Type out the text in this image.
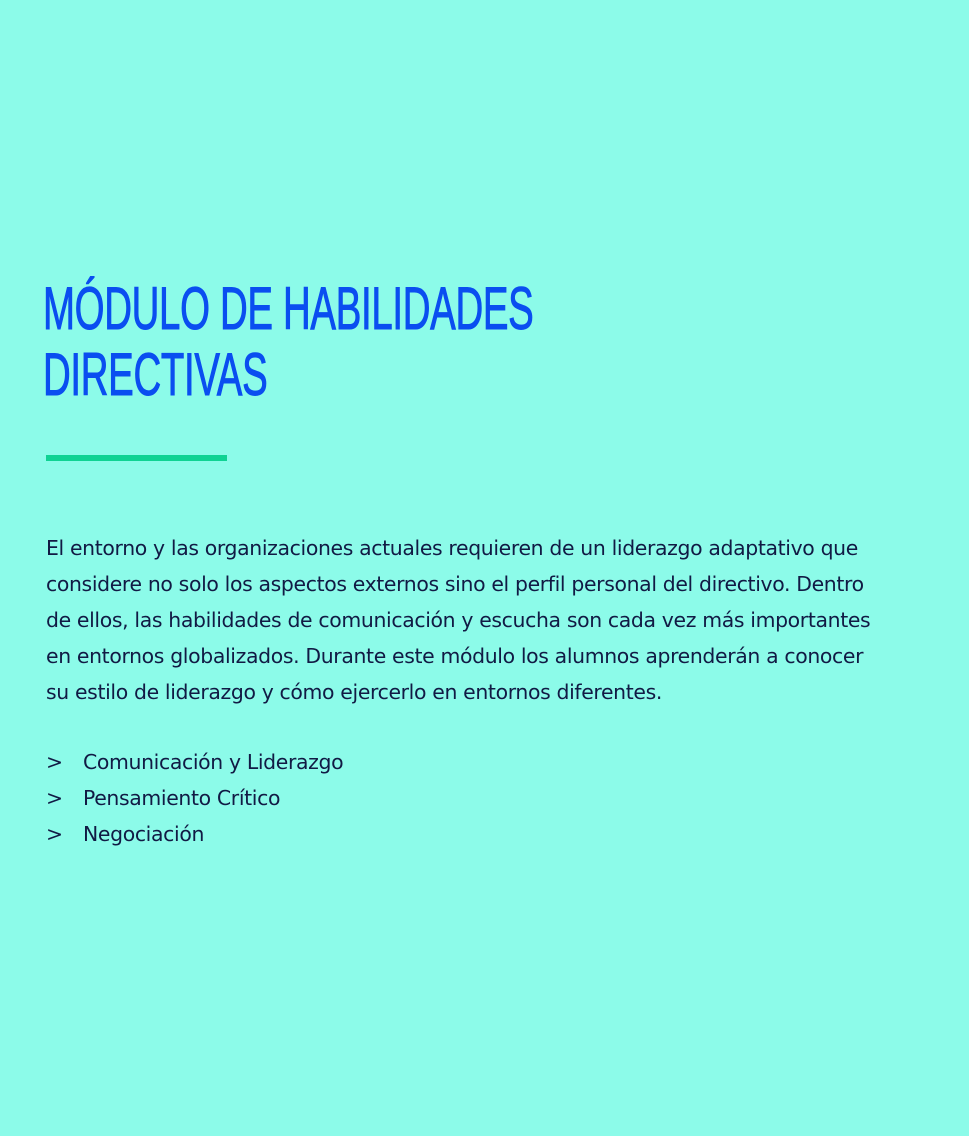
MÓDULO DE HABILIDADES
DIRECTIVAS

El entorno y las organizaciones actuales requieren de un liderazgo adaptativo que
considere no solo los aspectos externos sino el perfil personal del directivo. Dentro
de ellos, las habilidades de comunicación y escucha son cada vez más importantes
en entornos globalizados. Durante este módulo los alumnos aprenderán a conocer
su estilo de liderazgo y cómo ejercerlo en entornos diferentes.

> Comunicación y Liderazgo
> Pensamiento Crítico
> Negociación
